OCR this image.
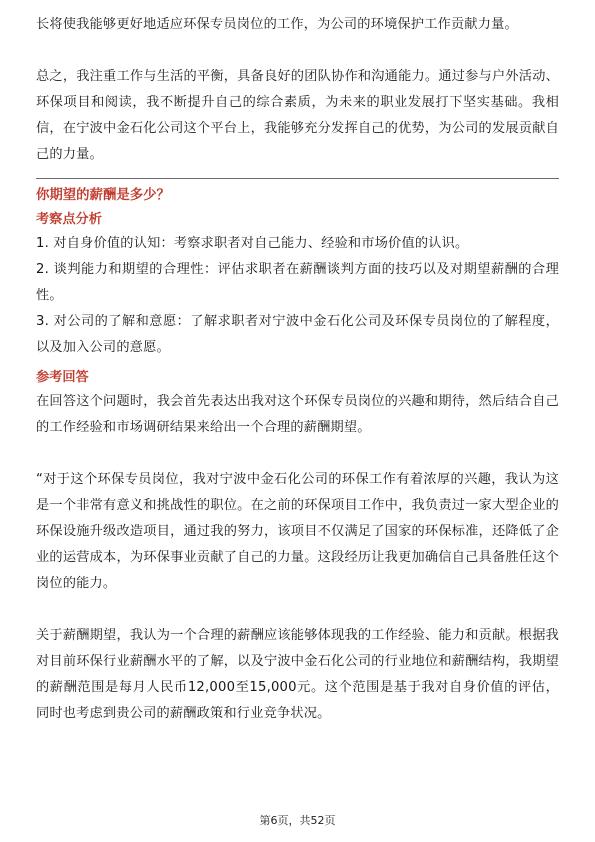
长将使我能够更好地适应环保专员岗位的工作，为公司的环境保护工作贡献力量。

总之，我注重工作与生活的平衡，具备良好的团队协作和沟通能力。通过参与户外活动、环保项目和阅读，我不断提升自己的综合素质，为未来的职业发展打下坚实基础。我相信，在宁波中金石化公司这个平台上，我能够充分发挥自己的优势，为公司的发展贡献自己的力量。

你期望的薪酬是多少？
考察点分析

1. 对自身价值的认知：考察求职者对自己能力、经验和市场价值的认识。

2. 谈判能力和期望的合理性：评估求职者在薪酬谈判方面的技巧以及对期望薪酬的合理性。

3. 对公司的了解和意愿：了解求职者对宁波中金石化公司及环保专员岗位的了解程度，以及加入公司的意愿。

参考回答

在回答这个问题时，我会首先表达出我对这个环保专员岗位的兴趣和期待，然后结合自己的工作经验和市场调研结果来给出一个合理的薪酬期望。

“对于这个环保专员岗位，我对宁波中金石化公司的环保工作有着浓厚的兴趣，我认为这是一个非常有意义和挑战性的职位。在之前的环保项目工作中，我负责过一家大型企业的环保设施升级改造项目，通过我的努力，该项目不仅满足了国家的环保标准，还降低了企业的运营成本，为环保事业贡献了自己的力量。这段经历让我更加确信自己具备胜任这个岗位的能力。

关于薪酬期望，我认为一个合理的薪酬应该能够体现我的工作经验、能力和贡献。根据我对目前环保行业薪酬水平的了解，以及宁波中金石化公司的行业地位和薪酬结构，我期望的薪酬范围是每月人民币12,000至15,000元。这个范围是基于我对自身价值的评估，同时也考虑到贵公司的薪酬政策和行业竞争状况。

第6页，共52页
